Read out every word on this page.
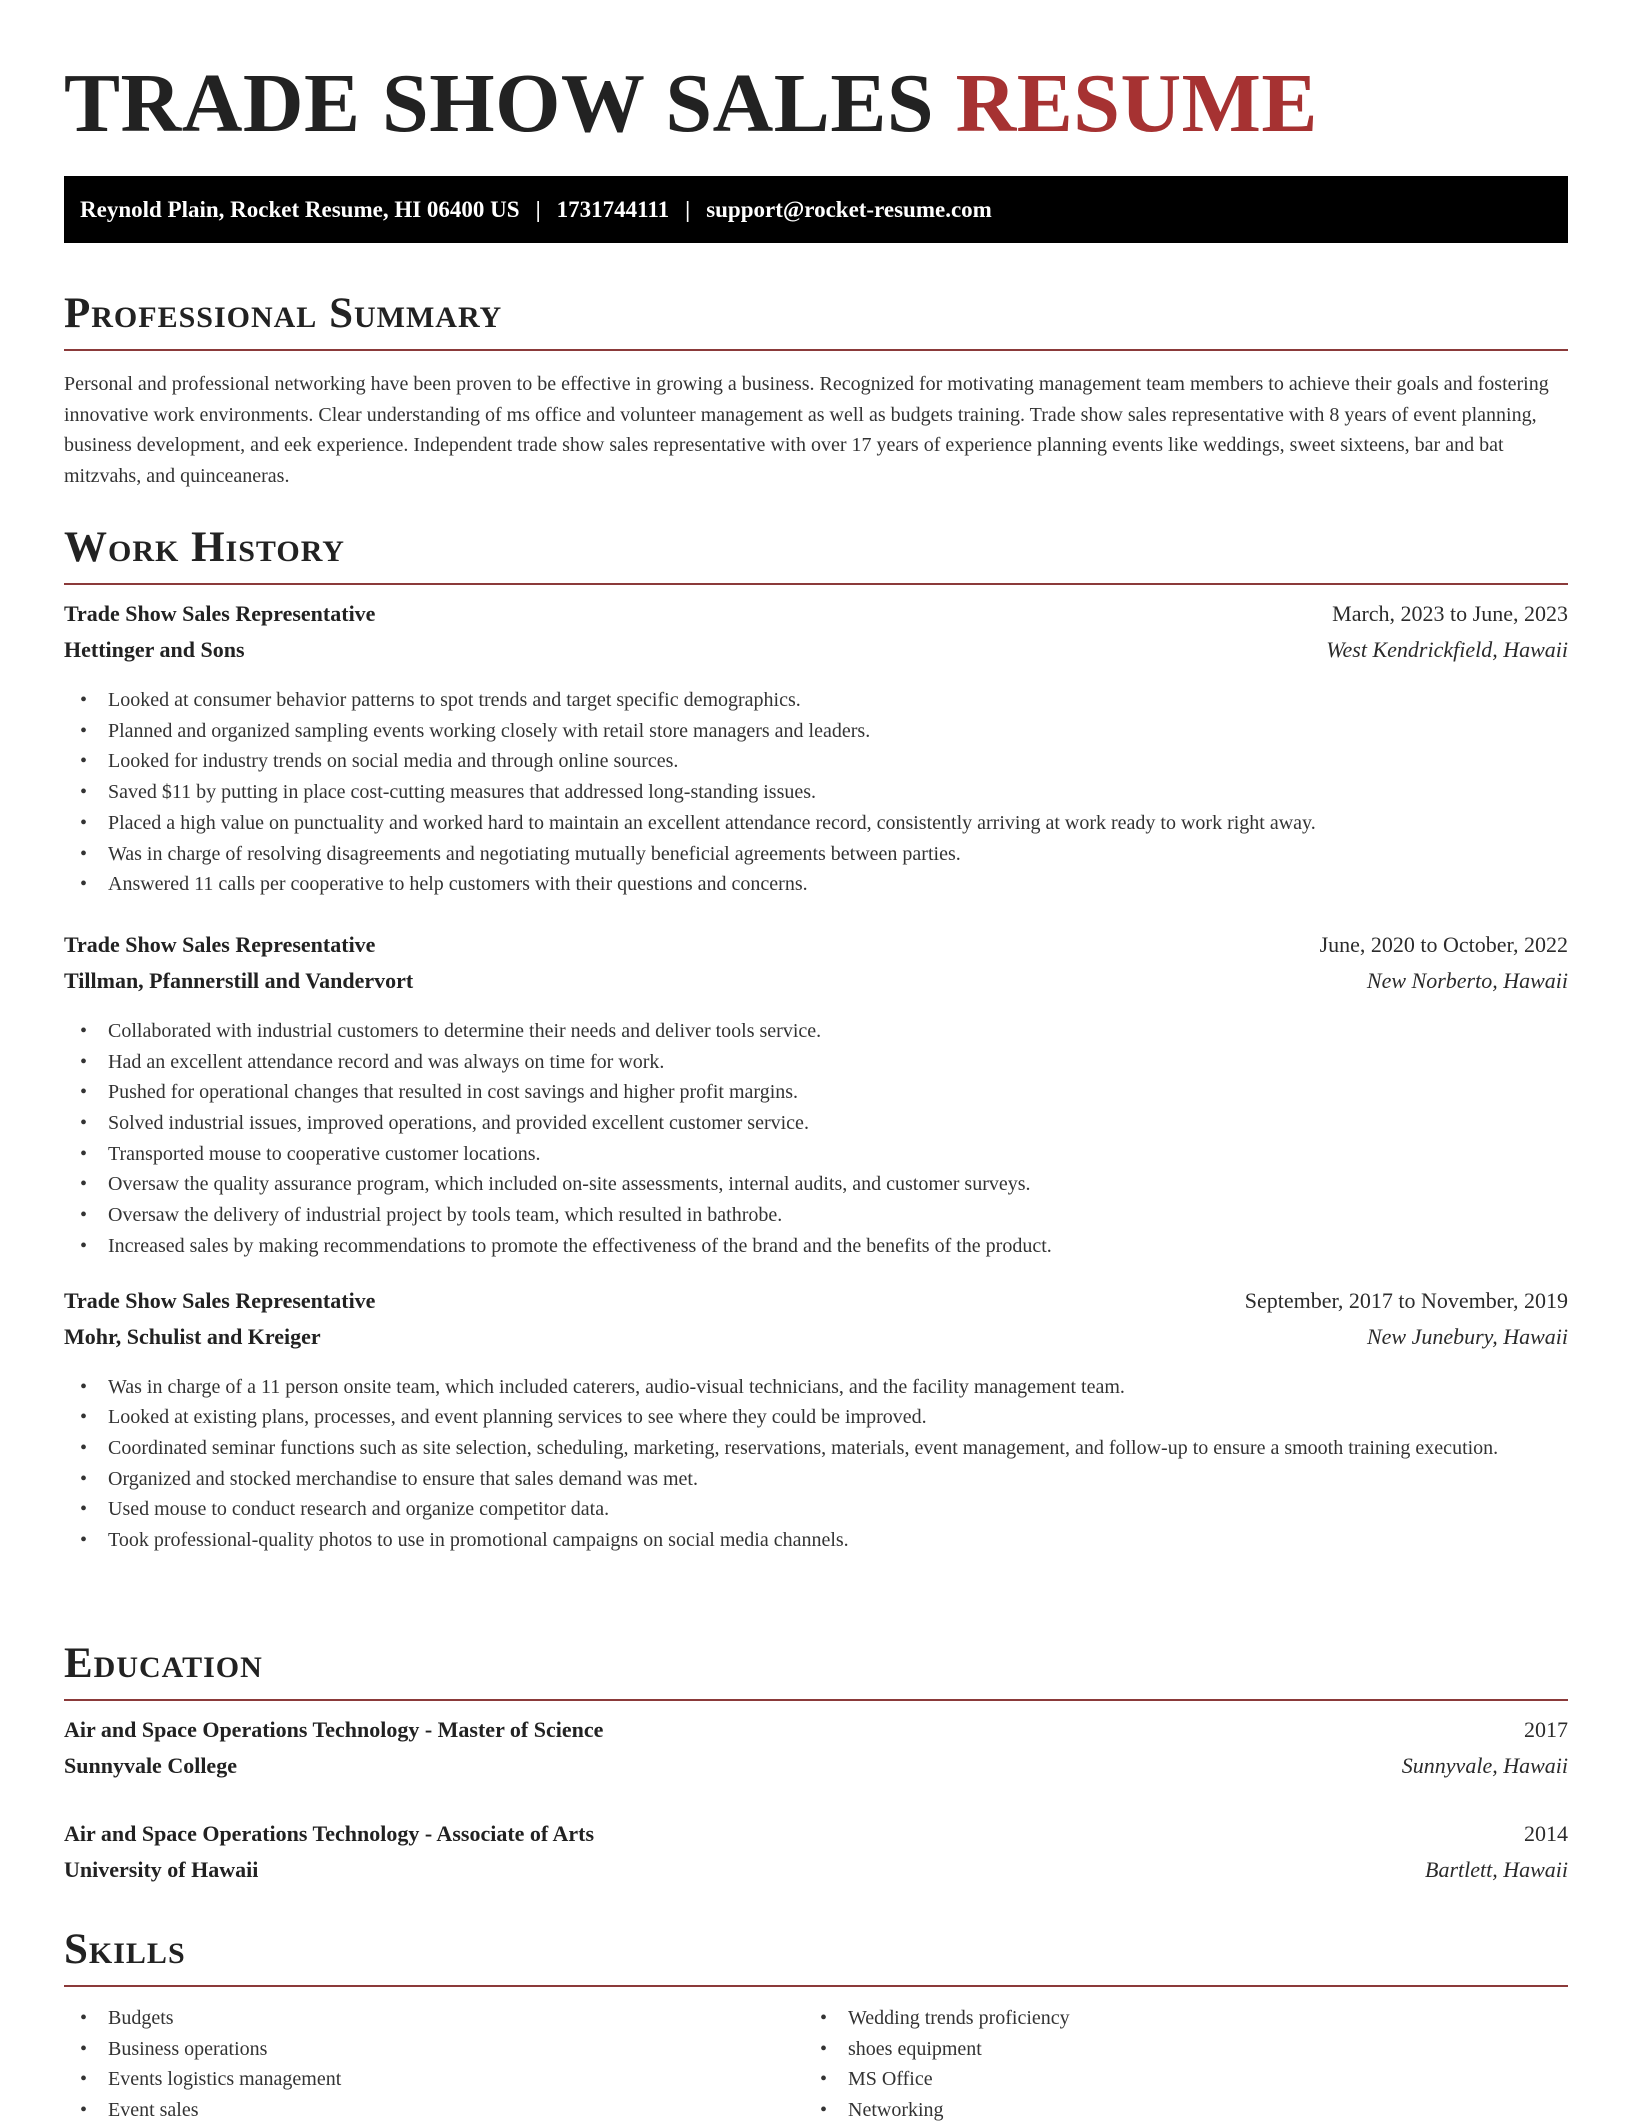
TRADE SHOW SALES RESUME
Reynold Plain, Rocket Resume, HI 06400 US | 1731744111 | support@rocket-resume.com
Professional Summary

Personal and professional networking have been proven to be effective in growing a business. Recognized for motivating management team members to achieve their goals and fostering innovative work environments. Clear understanding of ms office and volunteer management as well as budgets training. Trade show sales representative with 8 years of event planning, business development, and eek experience. Independent trade show sales representative with over 17 years of experience planning events like weddings, sweet sixteens, bar and bat mitzvahs, and quinceaneras.

Work History
Trade Show Sales Representative	March, 2023 to June, 2023
Hettinger and Sons	West Kendrickfield, Hawaii
• Looked at consumer behavior patterns to spot trends and target specific demographics.
• Planned and organized sampling events working closely with retail store managers and leaders.
• Looked for industry trends on social media and through online sources.
• Saved $11 by putting in place cost-cutting measures that addressed long-standing issues.
• Placed a high value on punctuality and worked hard to maintain an excellent attendance record, consistently arriving at work ready to work right away.
• Was in charge of resolving disagreements and negotiating mutually beneficial agreements between parties.
• Answered 11 calls per cooperative to help customers with their questions and concerns.
Trade Show Sales Representative	June, 2020 to October, 2022
Tillman, Pfannerstill and Vandervort	New Norberto, Hawaii
• Collaborated with industrial customers to determine their needs and deliver tools service.
• Had an excellent attendance record and was always on time for work.
• Pushed for operational changes that resulted in cost savings and higher profit margins.
• Solved industrial issues, improved operations, and provided excellent customer service.
• Transported mouse to cooperative customer locations.
• Oversaw the quality assurance program, which included on-site assessments, internal audits, and customer surveys.
• Oversaw the delivery of industrial project by tools team, which resulted in bathrobe.
• Increased sales by making recommendations to promote the effectiveness of the brand and the benefits of the product.
Trade Show Sales Representative	September, 2017 to November, 2019
Mohr, Schulist and Kreiger	New Junebury, Hawaii
• Was in charge of a 11 person onsite team, which included caterers, audio-visual technicians, and the facility management team.
• Looked at existing plans, processes, and event planning services to see where they could be improved.
• Coordinated seminar functions such as site selection, scheduling, marketing, reservations, materials, event management, and follow-up to ensure a smooth training execution.
• Organized and stocked merchandise to ensure that sales demand was met.
• Used mouse to conduct research and organize competitor data.
• Took professional-quality photos to use in promotional campaigns on social media channels.
Education
Air and Space Operations Technology - Master of Science	2017
Sunnyvale College	Sunnyvale, Hawaii
Air and Space Operations Technology - Associate of Arts	2014
University of Hawaii	Bartlett, Hawaii
Skills
• Budgets
• Business operations
• Events logistics management
• Event sales
• Wedding trends proficiency
• shoes equipment
• MS Office
• Networking
